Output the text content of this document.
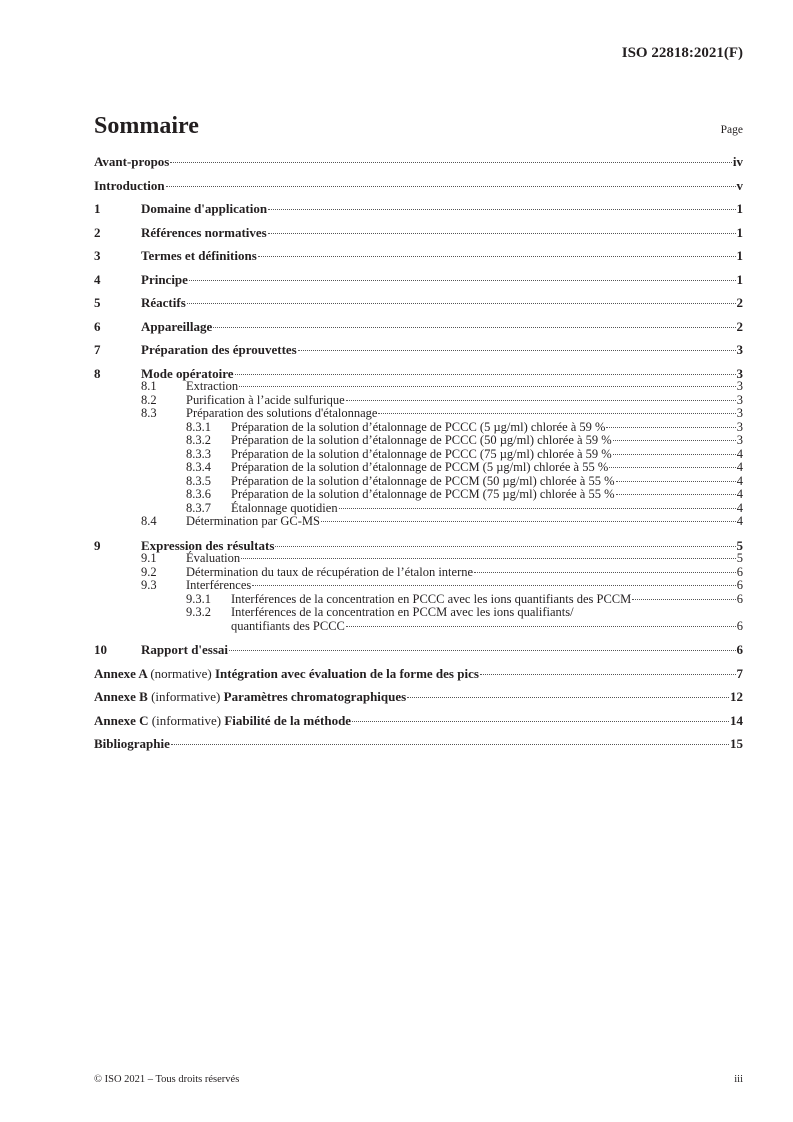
ISO 22818:2021(F)
Sommaire	Page
Avant-propos	iv
Introduction	v
1	Domaine d'application	1
2	Références normatives	1
3	Termes et définitions	1
4	Principe	1
5	Réactifs	2
6	Appareillage	2
7	Préparation des éprouvettes	3
8	Mode opératoire	3
8.1	Extraction	3
8.2	Purification à l’acide sulfurique	3
8.3	Préparation des solutions d'étalonnage	3
8.3.1	Préparation de la solution d’étalonnage de PCCC (5 µg/ml) chlorée à 59 %	3
8.3.2	Préparation de la solution d’étalonnage de PCCC (50 µg/ml) chlorée à 59 %	3
8.3.3	Préparation de la solution d’étalonnage de PCCC (75 µg/ml) chlorée à 59 %	4
8.3.4	Préparation de la solution d’étalonnage de PCCM (5 µg/ml) chlorée à 55 %	4
8.3.5	Préparation de la solution d’étalonnage de PCCM (50 µg/ml) chlorée à 55 %	4
8.3.6	Préparation de la solution d’étalonnage de PCCM (75 µg/ml) chlorée à 55 %	4
8.3.7	Étalonnage quotidien	4
8.4	Détermination par GC-MS	4
9	Expression des résultats	5
9.1	Évaluation	5
9.2	Détermination du taux de récupération de l’étalon interne	6
9.3	Interférences	6
9.3.1	Interférences de la concentration en PCCC avec les ions quantifiants des PCCM	6
9.3.2	Interférences de la concentration en PCCM avec les ions qualifiants/
quantifiants des PCCC	6
10	Rapport d'essai	6
Annexe A (normative) Intégration avec évaluation de la forme des pics	7
Annexe B (informative) Paramètres chromatographiques	12
Annexe C (informative) Fiabilité de la méthode	14
Bibliographie	15
© ISO 2021 – Tous droits réservés	iii
